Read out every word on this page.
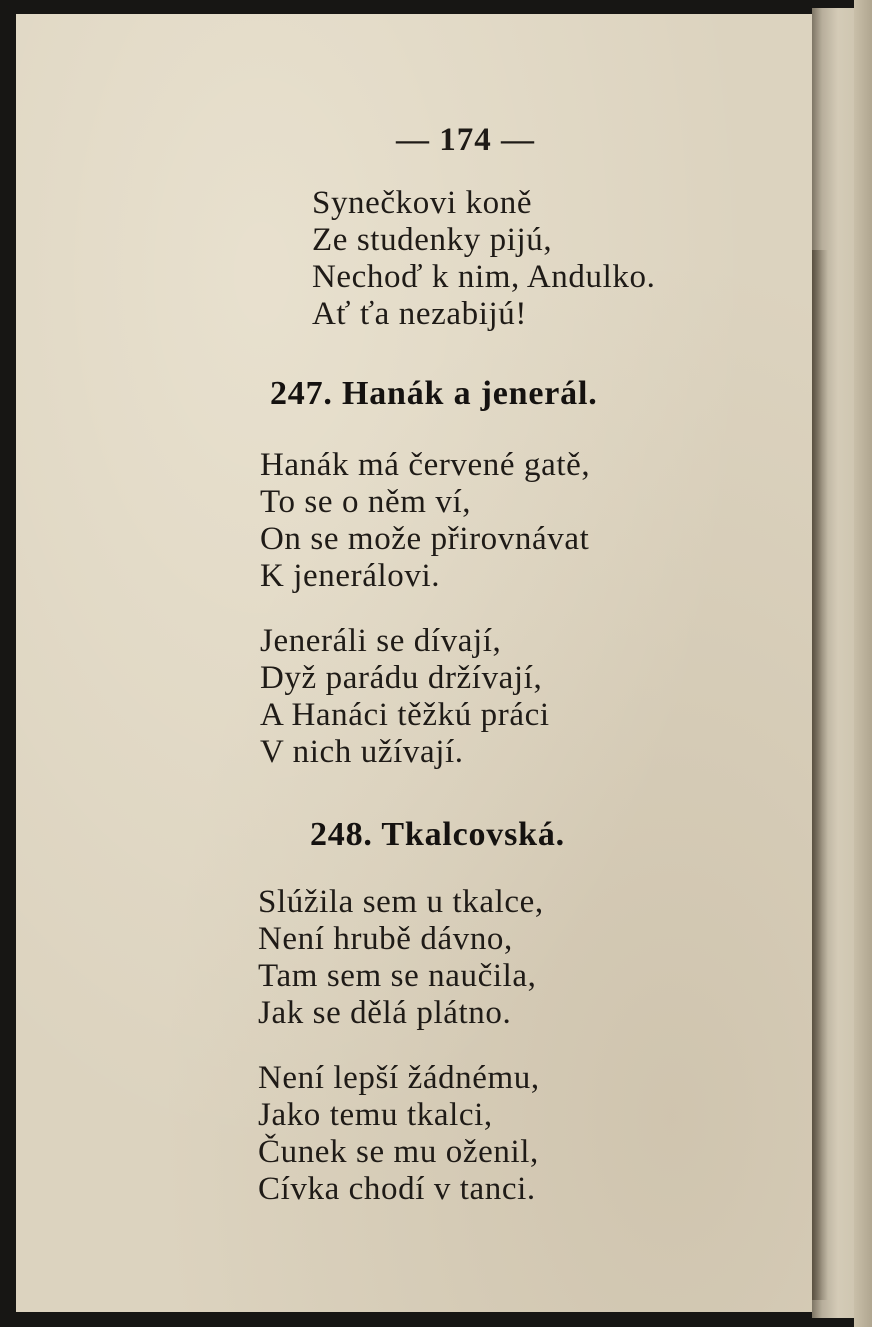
— 174 —
Synečkovi koně
Ze studenky pijú,
Nechoď k nim, Andulko.
Ať ťa nezabijú!
247. Hanák a jenerál.
Hanák má červené gatě,
To se o něm ví,
On se može přirovnávat
K jenerálovi.
Jeneráli se dívají,
Dyž parádu držívají,
A Hanáci těžkú práci
V nich užívají.
248. Tkalcovská.
Slúžila sem u tkalce,
Není hrubě dávno,
Tam sem se naučila,
Jak se dělá plátno.
Není lepší žádnému,
Jako temu tkalci,
Čunek se mu oženil,
Cívka chodí v tanci.
